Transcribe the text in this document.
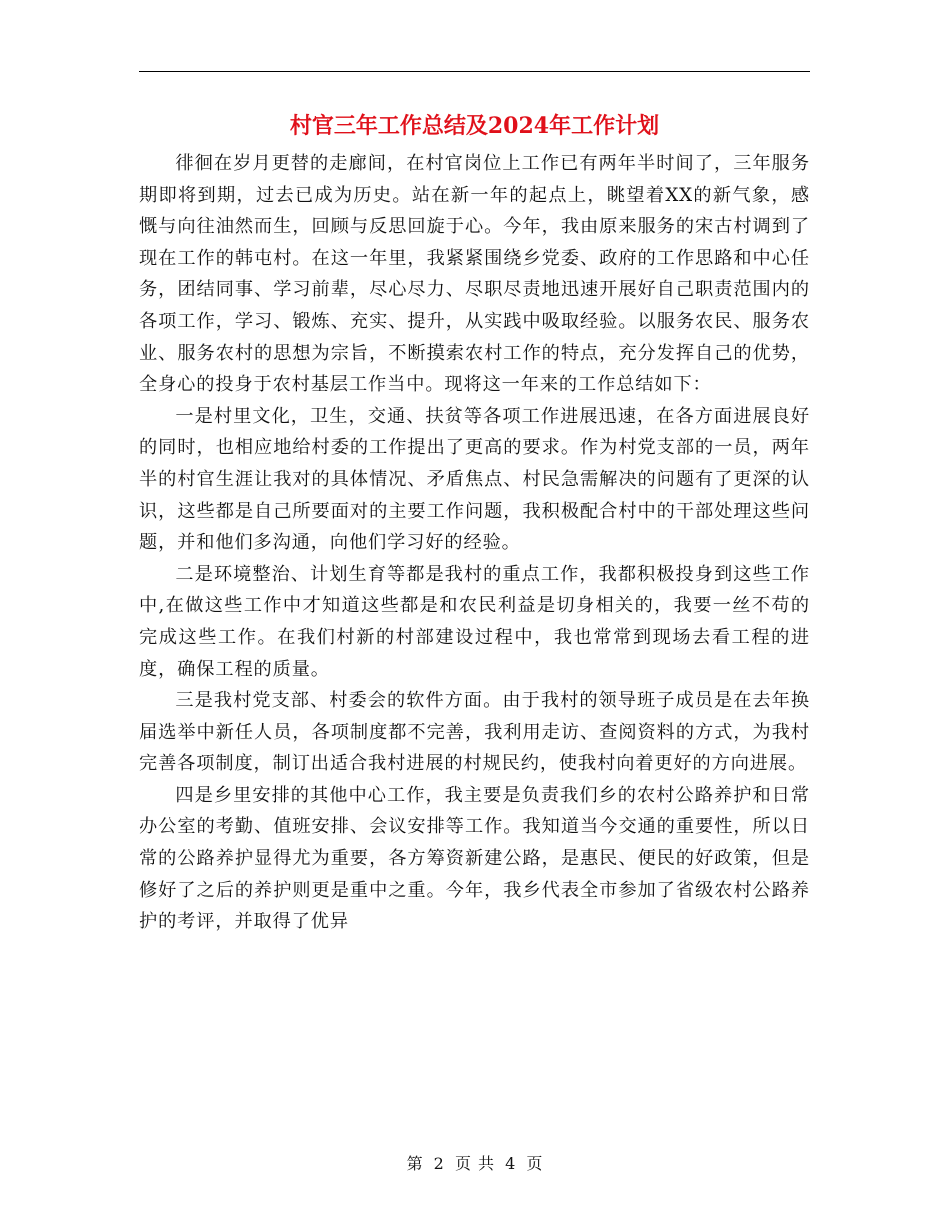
村官三年工作总结及2024年工作计划

徘徊在岁月更替的走廊间，在村官岗位上工作已有两年半时间了，三年服务期即将到期，过去已成为历史。站在新一年的起点上，眺望着XX的新气象，感慨与向往油然而生，回顾与反思回旋于心。今年，我由原来服务的宋古村调到了现在工作的韩屯村。在这一年里，我紧紧围绕乡党委、政府的工作思路和中心任务，团结同事、学习前辈，尽心尽力、尽职尽责地迅速开展好自己职责范围内的各项工作，学习、锻炼、充实、提升，从实践中吸取经验。以服务农民、服务农业、服务农村的思想为宗旨，不断摸索农村工作的特点，充分发挥自己的优势，全身心的投身于农村基层工作当中。现将这一年来的工作总结如下：

一是村里文化，卫生，交通、扶贫等各项工作进展迅速，在各方面进展良好的同时，也相应地给村委的工作提出了更高的要求。作为村党支部的一员，两年半的村官生涯让我对的具体情况、矛盾焦点、村民急需解决的问题有了更深的认识，这些都是自己所要面对的主要工作问题，我积极配合村中的干部处理这些问题，并和他们多沟通，向他们学习好的经验。

二是环境整治、计划生育等都是我村的重点工作，我都积极投身到这些工作中,在做这些工作中才知道这些都是和农民利益是切身相关的，我要一丝不苟的完成这些工作。在我们村新的村部建设过程中，我也常常到现场去看工程的进度，确保工程的质量。

三是我村党支部、村委会的软件方面。由于我村的领导班子成员是在去年换届选举中新任人员，各项制度都不完善，我利用走访、查阅资料的方式，为我村完善各项制度，制订出适合我村进展的村规民约，使我村向着更好的方向进展。

四是乡里安排的其他中心工作，我主要是负责我们乡的农村公路养护和日常办公室的考勤、值班安排、会议安排等工作。我知道当今交通的重要性，所以日常的公路养护显得尤为重要，各方筹资新建公路，是惠民、便民的好政策，但是修好了之后的养护则更是重中之重。今年，我乡代表全市参加了省级农村公路养护的考评，并取得了优异

第 2 页 共 4 页
